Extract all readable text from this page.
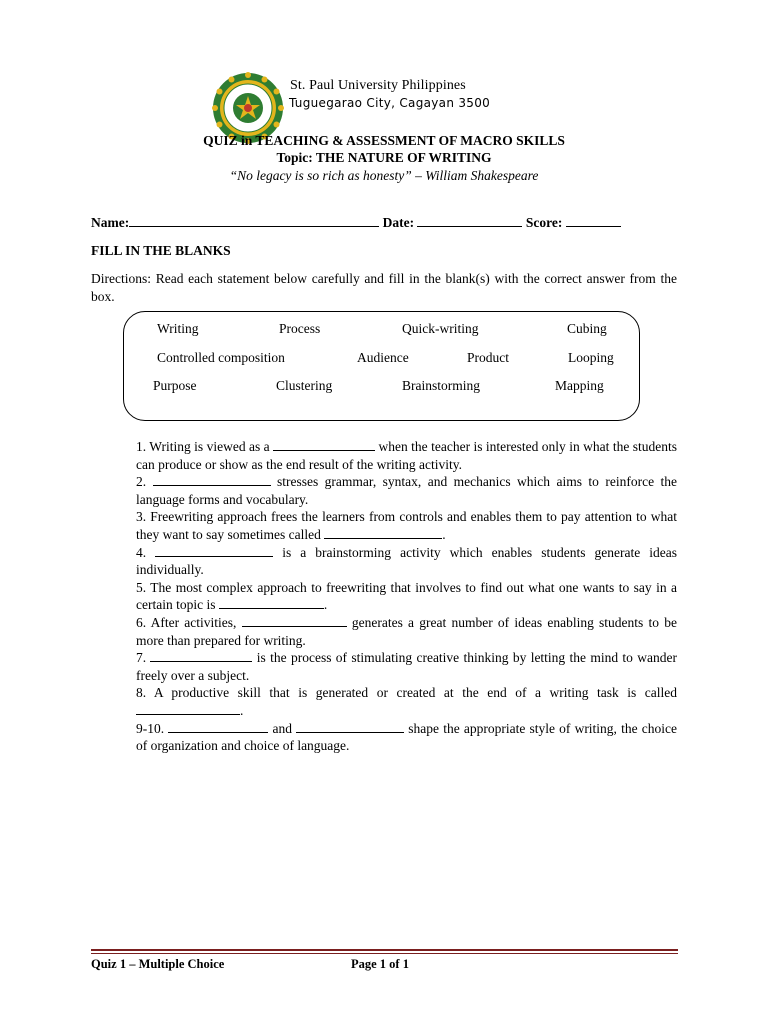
St. Paul University Philippines
Tuguegarao City, Cagayan 3500
QUIZ in TEACHING & ASSESSMENT OF MACRO SKILLS
Topic: THE NATURE OF WRITING
“No legacy is so rich as honesty” – William Shakespeare
Name:	Date:	Score:
FILL IN THE BLANKS
Directions: Read each statement below carefully and fill in the blank(s) with the correct answer from the box.
Writing	Process	Quick-writing	Cubing
Controlled composition	Audience	Product	Looping
Purpose	Clustering	Brainstorming	Mapping

1. Writing is viewed as a	when the teacher is interested only in what the students can produce or show as the end result of the writing activity.

2.	stresses grammar, syntax, and mechanics which aims to reinforce the language forms and vocabulary.

3. Freewriting approach frees the learners from controls and enables them to pay attention to what they want to say sometimes called	.

4.	is a brainstorming activity which enables students generate ideas individually.

5. The most complex approach to freewriting that involves to find out what one wants to say in a certain topic is	.

6. After activities,	generates a great number of ideas enabling students to be more than prepared for writing.

7.	is the process of stimulating creative thinking by letting the mind to wander freely over a subject.

8. A productive skill that is generated or created at the end of a writing task is called .

9-10.	and	shape the appropriate style of writing, the choice of organization and choice of language.

Quiz 1 – Multiple Choice	Page 1 of 1
